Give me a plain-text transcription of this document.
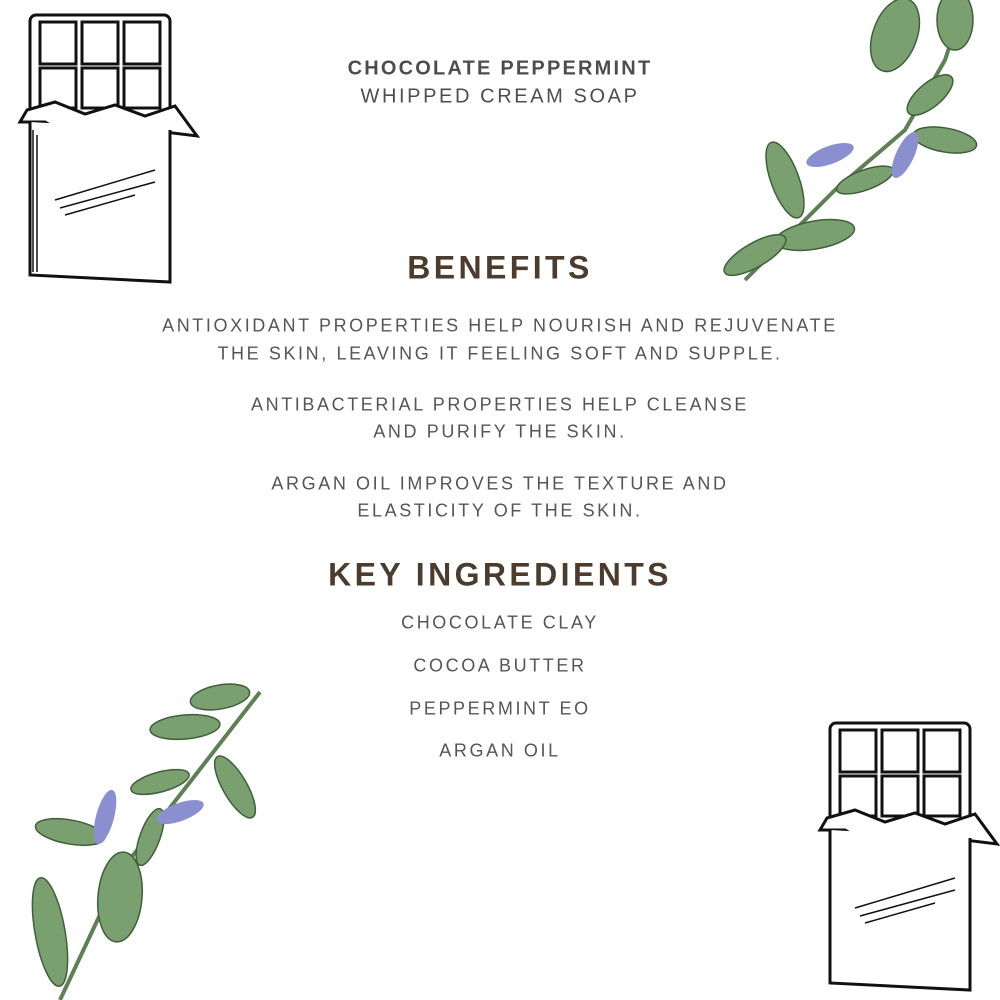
CHOCOLATE PEPPERMINT
WHIPPED CREAM SOAP
BENEFITS
ANTIOXIDANT PROPERTIES HELP NOURISH AND REJUVENATE
THE SKIN, LEAVING IT FEELING SOFT AND SUPPLE.
ANTIBACTERIAL PROPERTIES HELP CLEANSE
AND PURIFY THE SKIN.
ARGAN OIL IMPROVES THE TEXTURE AND
ELASTICITY OF THE SKIN.
KEY INGREDIENTS
CHOCOLATE CLAY
COCOA BUTTER
PEPPERMINT EO
ARGAN OIL
